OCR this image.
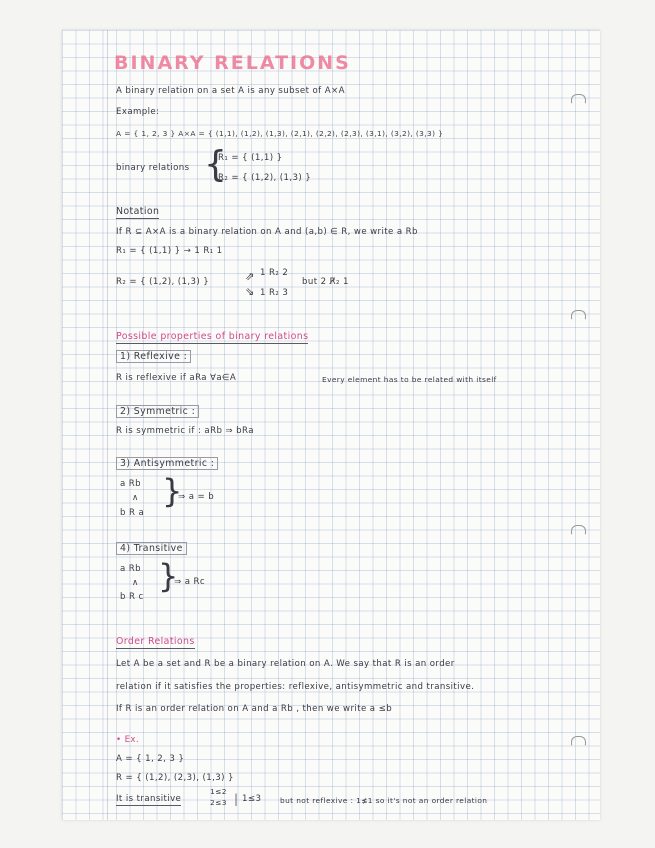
BINARY RELATIONS
A binary relation on a set A is any subset of A×A
Example:
A = { 1, 2, 3 } A×A = { (1,1), (1,2), (1,3), (2,1), (2,2), (2,3), (3,1), (3,2), (3,3) }
binary relations {
R₁ = { (1,1) }
R₂ = { (1,2), (1,3) }
Notation
If R ⊆ A×A is a binary relation on A and (a,b) ∈ R, we write a Rb
R₁ = { (1,1) } → 1 R₁ 1
R₂ = { (1,2), (1,3) }	⇗
⇘
1 R₂ 2
1 R₂ 3
but 2 R̸₂ 1
Possible properties of binary relations
1) Reflexive :
R is reflexive if aRa ∀a∈A	Every element has to be related with itself
2) Symmetric :
R is symmetric if : aRb ⇒ bRa
3) Antisymmetric :
a Rb
∧
b R a
}
⇒ a = b
4) Transitive
a Rb
∧
b R c
}
⇒ a Rc
Order Relations
Let A be a set and R be a binary relation on A. We say that R is an order
relation if it satisfies the properties: reflexive, antisymmetric and transitive.
If R is an order relation on A and a Rb , then we write a ≤b
• Ex.
A = { 1, 2, 3 }
R = { (1,2), (2,3), (1,3) }
It is transitive
1≤2
2≤3 | 1≤3	but not reflexive : 1≰1 so it's not an order relation
